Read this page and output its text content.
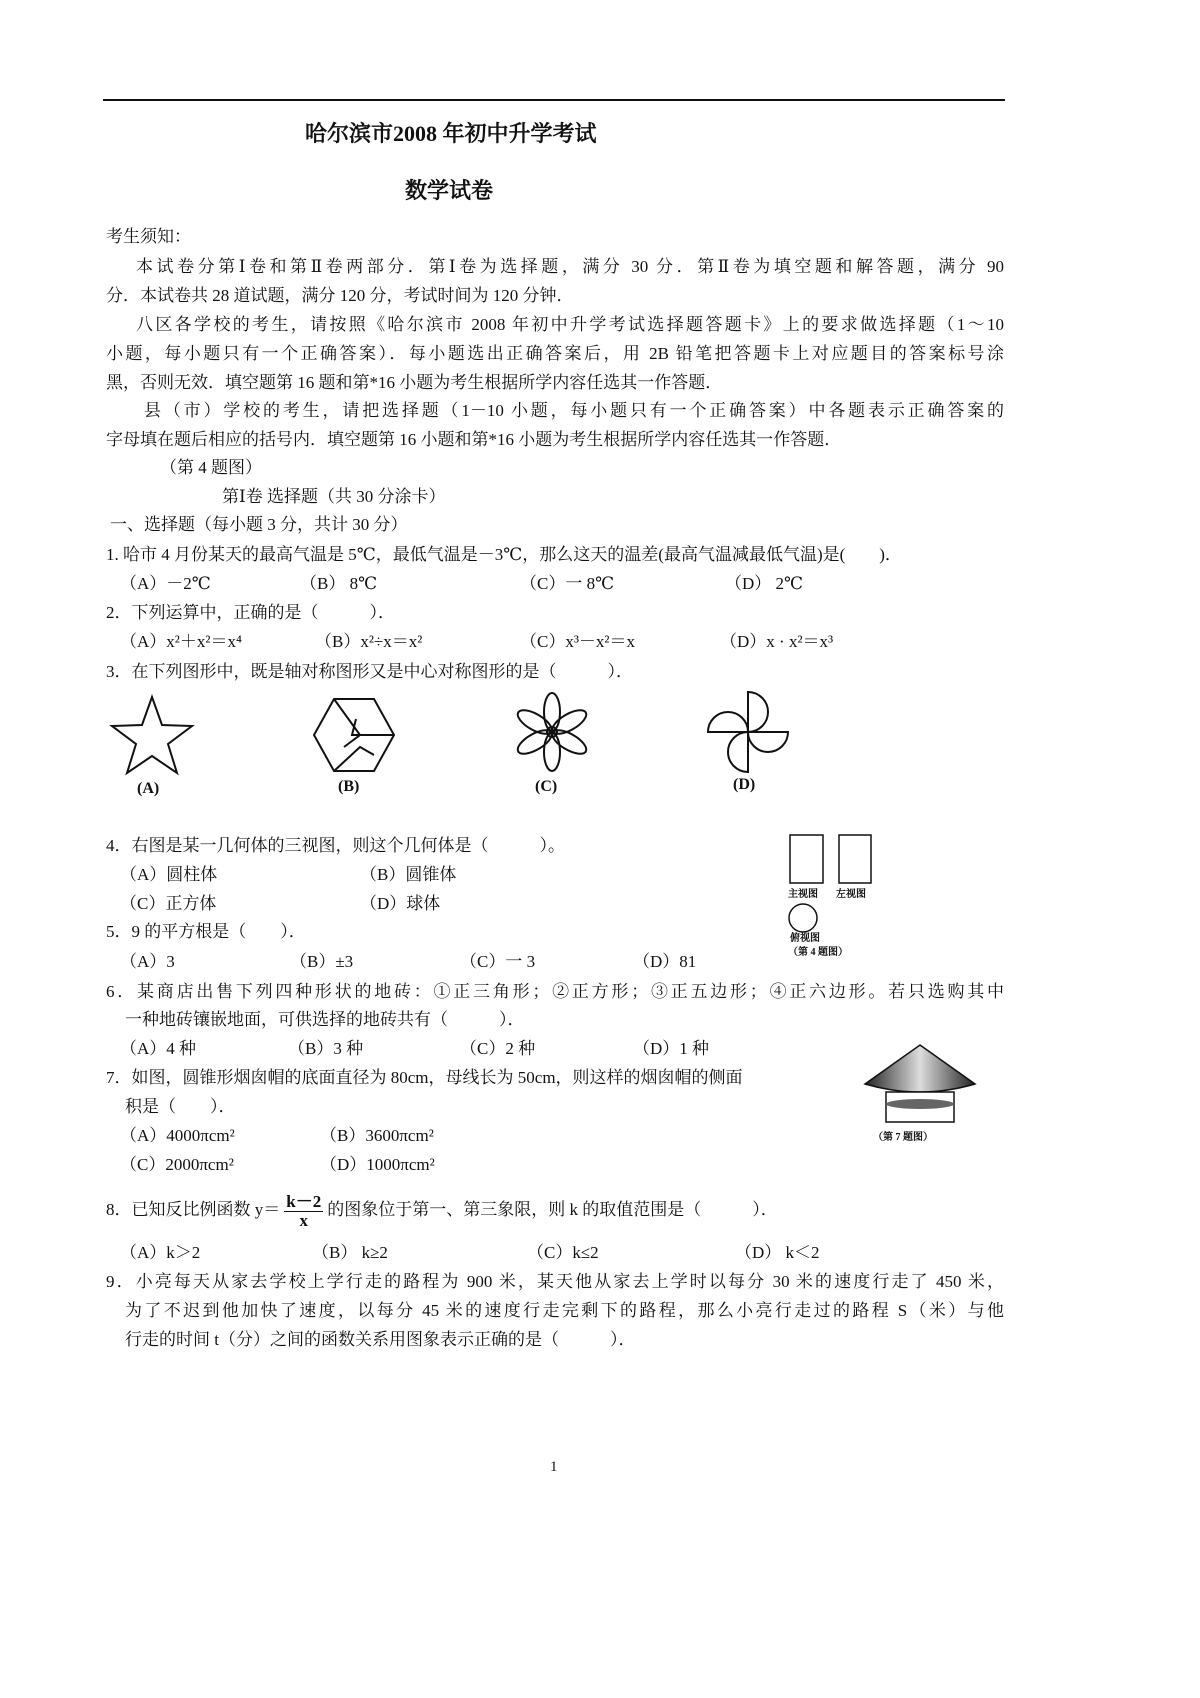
哈尔滨市2008 年初中升学考试
数学试卷
考生须知：
本试卷分第Ⅰ卷和第Ⅱ卷两部分．第Ⅰ卷为选择题，满分 30 分．第Ⅱ卷为填空题和解答题，满分 90
分．本试卷共 28 道试题，满分 120 分，考试时间为 120 分钟．
八区各学校的考生，请按照《哈尔滨市 2008 年初中升学考试选择题答题卡》上的要求做选择题（1～10
小题，每小题只有一个正确答案）．每小题选出正确答案后，用 2B 铅笔把答题卡上对应题目的答案标号涂
黑，否则无效．填空题第 16 题和第*16 小题为考生根据所学内容任选其一作答题．
县（市）学校的考生，请把选择题（1－10 小题，每小题只有一个正确答案）中各题表示正确答案的
字母填在题后相应的括号内．填空题第 16 小题和第*16 小题为考生根据所学内容任选其一作答题．
（第 4 题图）
第Ⅰ卷 选择题（共 30 分涂卡）
一、选择题（每小题 3 分，共计 30 分）
1. 哈市 4 月份某天的最高气温是 5℃，最低气温是－3℃，那么这天的温差(最高气温减最低气温)是(　　)．
（A）－2℃	（B） 8℃	（C）一 8℃	（D） 2℃
2．下列运算中，正确的是（　　　）．
（A）x²＋x²＝x⁴	（B）x²÷x＝x²	（C）x³－x²＝x	（D）x · x²＝x³
3．在下列图形中，既是轴对称图形又是中心对称图形的是（　　　）．
(A)	(B)	(C)	(D)
4．右图是某一几何体的三视图，则这个几何体是（　　　）。
（A）圆柱体	（B）圆锥体
（C）正方体	（D）球体	主视图 左视图
俯视图
（第 4 题图）
5．9 的平方根是（　　）．
（A）3	（B）±3	（C）一 3	（D）81
6．某商店出售下列四种形状的地砖：①正三角形；②正方形；③正五边形；④正六边形。若只选购其中
一种地砖镶嵌地面，可供选择的地砖共有（　　　）．
（A）4 种	（B）3 种	（C）2 种	（D）1 种
7．如图，圆锥形烟囱帽的底面直径为 80cm，母线长为 50cm，则这样的烟囱帽的侧面
积是（　　）．
（A）4000πcm²	（B）3600πcm²
（C）2000πcm²	（D）1000πcm²
（第 7 题图）
8．已知反比例函数 $y= \frac{k-2}{x}$ 的图象位于第一、第三象限，则 k 的取值范围是（　　　）．
（A）k＞2	（B） k≥2	（C）k≤2	（D） k＜2
9．小亮每天从家去学校上学行走的路程为 900 米，某天他从家去上学时以每分 30 米的速度行走了 450 米，
为了不迟到他加快了速度，以每分 45 米的速度行走完剩下的路程，那么小亮行走过的路程 S（米）与他
行走的时间 t（分）之间的函数关系用图象表示正确的是（　　　）．
1
